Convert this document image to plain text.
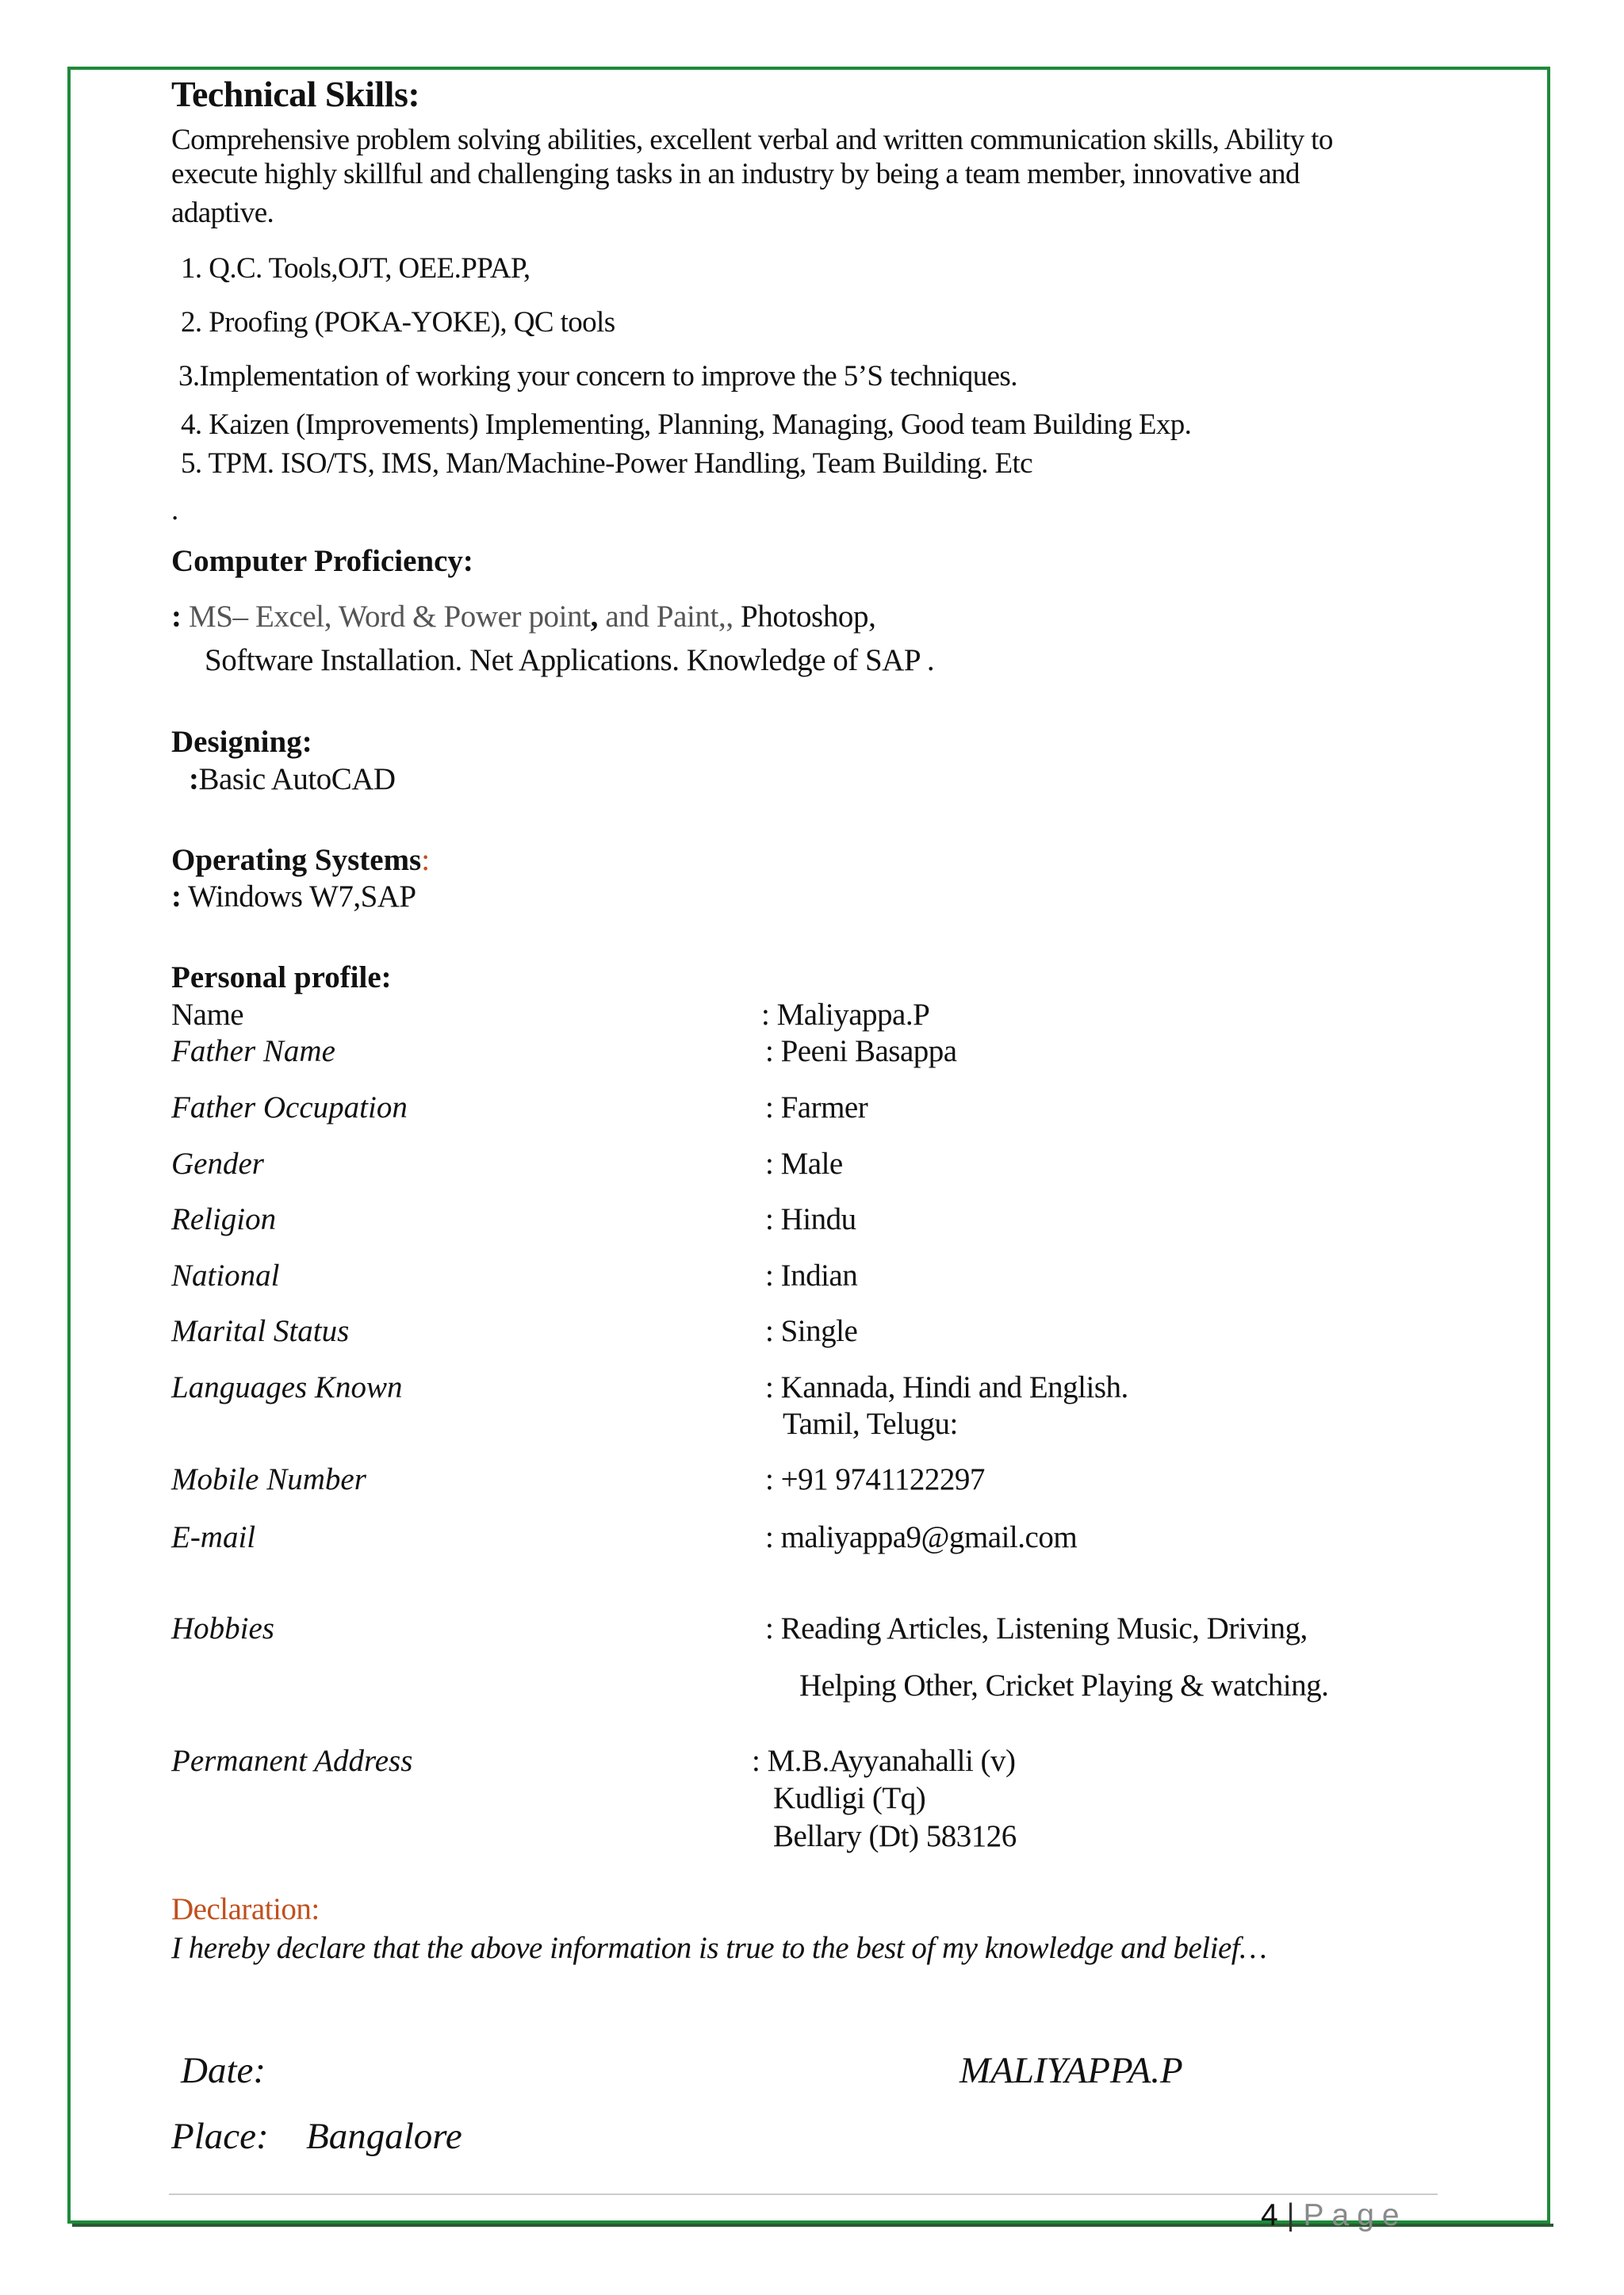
Technical Skills:
Comprehensive problem solving abilities, excellent verbal and written communication skills, Ability to
execute highly skillful and challenging tasks in an industry by being a team member, innovative and
adaptive.
1. Q.C. Tools,OJT, OEE.PPAP,
2. Proofing (POKA-YOKE), QC tools
3.Implementation of working your concern to improve the 5’S techniques.
4. Kaizen (Improvements) Implementing, Planning, Managing, Good team Building Exp.
5. TPM. ISO/TS, IMS, Man/Machine-Power Handling, Team Building. Etc
.
Computer Proficiency:
: MS– Excel, Word & Power point, and Paint,, Photoshop,
Software Installation. Net Applications. Knowledge of SAP .
Designing:
:Basic AutoCAD
Operating Systems:
: Windows W7,SAP
Personal profile:
Name	: Maliyappa.P
Father Name	: Peeni Basappa
Father Occupation	: Farmer
Gender	: Male
Religion	: Hindu
National	: Indian
Marital Status	: Single
Languages Known	: Kannada, Hindi and English.
Tamil, Telugu:
Mobile Number	: +91 9741122297
E-mail	: maliyappa9@gmail.com
Hobbies	: Reading Articles, Listening Music, Driving,
Helping Other, Cricket Playing & watching.
Permanent Address	: M.B.Ayyanahalli (v)
Kudligi (Tq)
Bellary (Dt) 583126
Declaration:
I hereby declare that the above information is true to the best of my knowledge and belief…
Date:	MALIYAPPA.P
Place: Bangalore
4 | Page
